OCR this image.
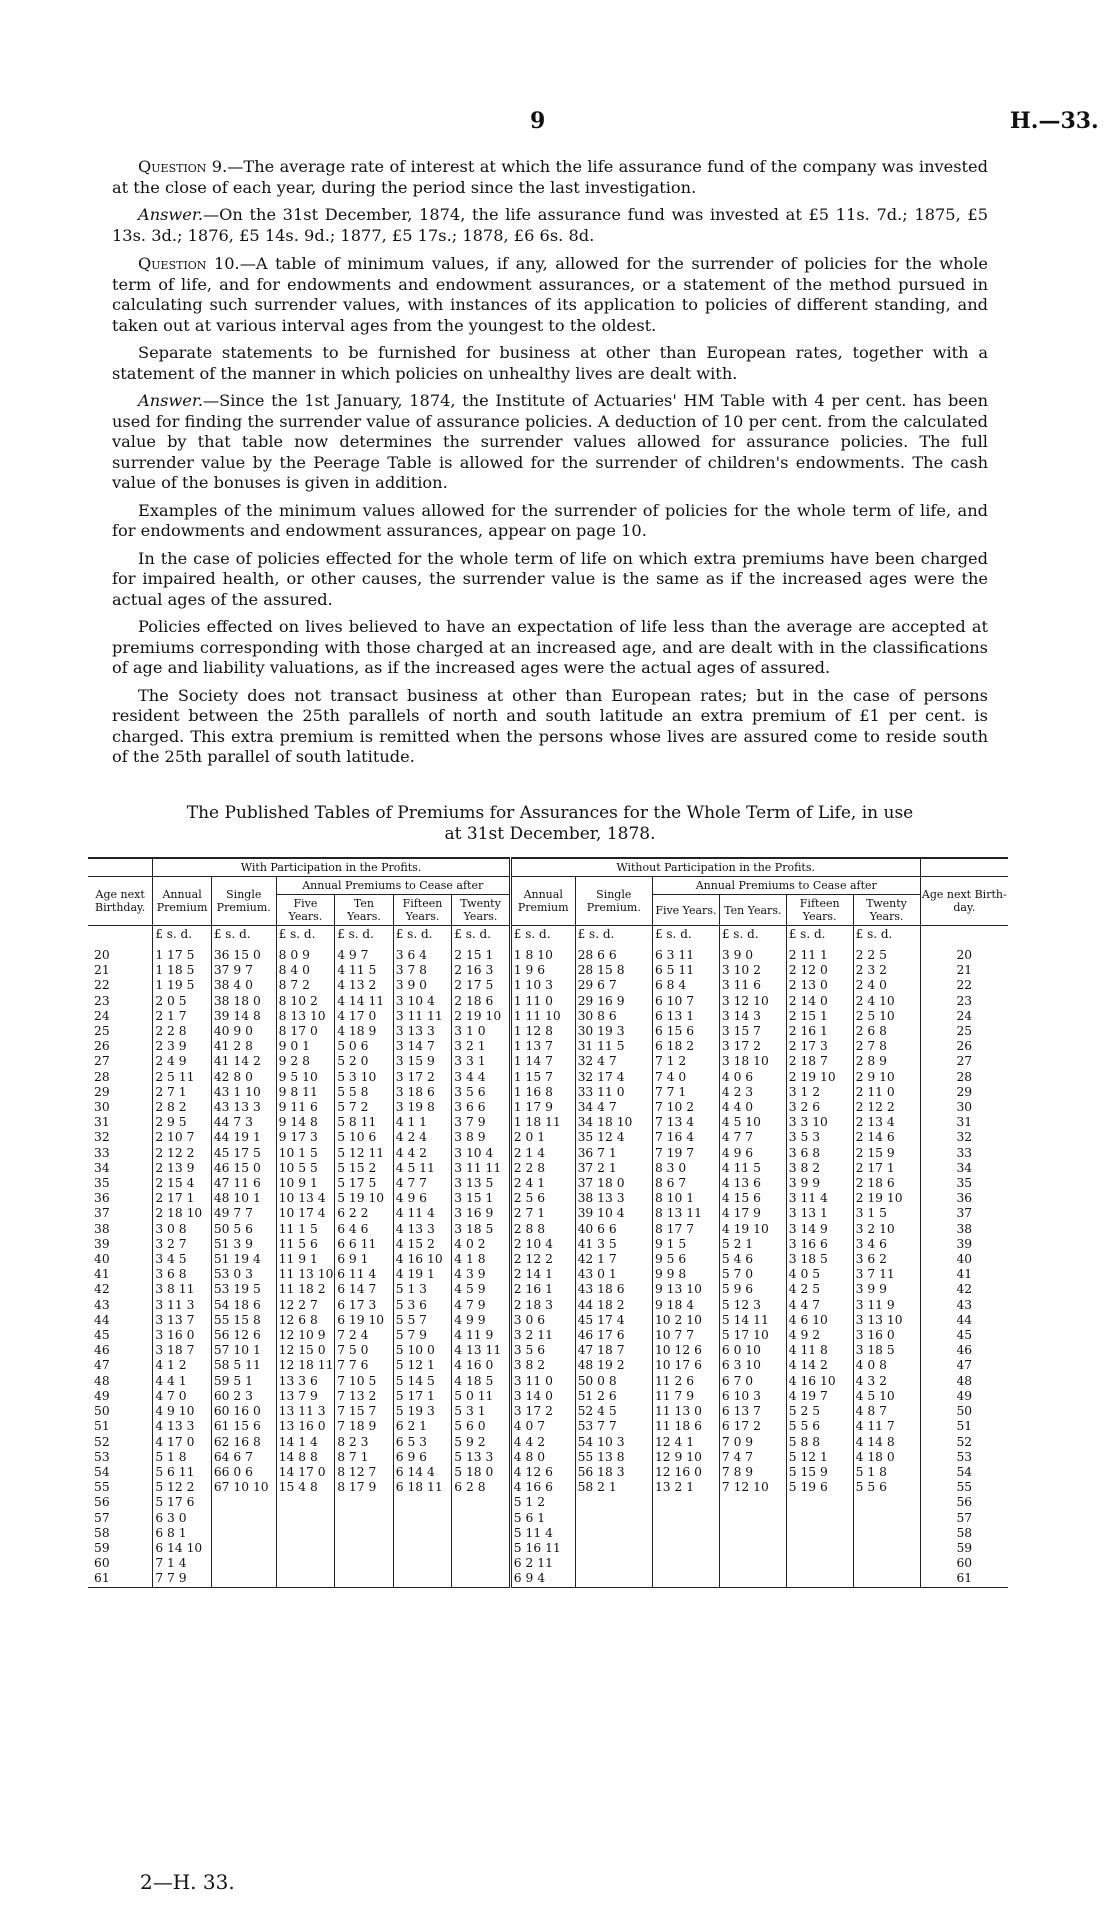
9	H.—33.

Question 9.—The average rate of interest at which the life assurance fund of the company was invested at the close of each year, during the period since the last investigation.

Answer.—On the 31st December, 1874, the life assurance fund was invested at £5 11s. 7d.; 1875, £5 13s. 3d.; 1876, £5 14s. 9d.; 1877, £5 17s.; 1878, £6 6s. 8d.

Question 10.—A table of minimum values, if any, allowed for the surrender of policies for the whole term of life, and for endowments and endowment assurances, or a statement of the method pursued in calculating such surrender values, with instances of its application to policies of different standing, and taken out at various interval ages from the youngest to the oldest.

Separate statements to be furnished for business at other than European rates, together with a statement of the manner in which policies on unhealthy lives are dealt with.

Answer.—Since the 1st January, 1874, the Institute of Actuaries' HM Table with 4 per cent. has been used for finding the surrender value of assurance policies. A deduction of 10 per cent. from the calculated value by that table now determines the surrender values allowed for assurance policies. The full surrender value by the Peerage Table is allowed for the surrender of children's endowments. The cash value of the bonuses is given in addition.

Examples of the minimum values allowed for the surrender of policies for the whole term of life, and for endowments and endowment assurances, appear on page 10.

In the case of policies effected for the whole term of life on which extra premiums have been charged for impaired health, or other causes, the surrender value is the same as if the increased ages were the actual ages of the assured.

Policies effected on lives believed to have an expectation of life less than the average are accepted at premiums corresponding with those charged at an increased age, and are dealt with in the classifications of age and liability valuations, as if the increased ages were the actual ages of assured.

The Society does not transact business at other than European rates; but in the case of persons resident between the 25th parallels of north and south latitude an extra premium of £1 per cent. is charged. This extra premium is remitted when the persons whose lives are assured come to reside south of the 25th parallel of south latitude.

The Published Tables of Premiums for Assurances for the Whole Term of Life, in use
at 31st December, 1878.
	With Participation in the Profits.						Without Participation in the Profits.						
Age next Birthday.	Annual Premium	Single Premium.	Annual Premiums to Cease after				Annual Premium	Single Premium.	Annual Premiums to Cease after				Age next Birth-day.
			Five Years.	Ten Years.	Fifteen Years.	Twenty Years.			Five Years.	Ten Years.	Fifteen Years.	Twenty Years.	
	£ s. d.	£ s. d.	£ s. d.	£ s. d.	£ s. d.	£ s. d.	£ s. d.	£ s. d.	£ s. d.	£ s. d.	£ s. d.	£ s. d.	
20	1 17 5	36 15 0	8 0 9	4 9 7	3 6 4	2 15 1	1 8 10	28 6 6	6 3 11	3 9 0	2 11 1	2 2 5	20
21	1 18 5	37 9 7	8 4 0	4 11 5	3 7 8	2 16 3	1 9 6	28 15 8	6 5 11	3 10 2	2 12 0	2 3 2	21
22	1 19 5	38 4 0	8 7 2	4 13 2	3 9 0	2 17 5	1 10 3	29 6 7	6 8 4	3 11 6	2 13 0	2 4 0	22
23	2 0 5	38 18 0	8 10 2	4 14 11	3 10 4	2 18 6	1 11 0	29 16 9	6 10 7	3 12 10	2 14 0	2 4 10	23
24	2 1 7	39 14 8	8 13 10	4 17 0	3 11 11	2 19 10	1 11 10	30 8 6	6 13 1	3 14 3	2 15 1	2 5 10	24
25	2 2 8	40 9 0	8 17 0	4 18 9	3 13 3	3 1 0	1 12 8	30 19 3	6 15 6	3 15 7	2 16 1	2 6 8	25
26	2 3 9	41 2 8	9 0 1	5 0 6	3 14 7	3 2 1	1 13 7	31 11 5	6 18 2	3 17 2	2 17 3	2 7 8	26
27	2 4 9	41 14 2	9 2 8	5 2 0	3 15 9	3 3 1	1 14 7	32 4 7	7 1 2	3 18 10	2 18 7	2 8 9	27
28	2 5 11	42 8 0	9 5 10	5 3 10	3 17 2	3 4 4	1 15 7	32 17 4	7 4 0	4 0 6	2 19 10	2 9 10	28
29	2 7 1	43 1 10	9 8 11	5 5 8	3 18 6	3 5 6	1 16 8	33 11 0	7 7 1	4 2 3	3 1 2	2 11 0	29
30	2 8 2	43 13 3	9 11 6	5 7 2	3 19 8	3 6 6	1 17 9	34 4 7	7 10 2	4 4 0	3 2 6	2 12 2	30
31	2 9 5	44 7 3	9 14 8	5 8 11	4 1 1	3 7 9	1 18 11	34 18 10	7 13 4	4 5 10	3 3 10	2 13 4	31
32	2 10 7	44 19 1	9 17 3	5 10 6	4 2 4	3 8 9	2 0 1	35 12 4	7 16 4	4 7 7	3 5 3	2 14 6	32
33	2 12 2	45 17 5	10 1 5	5 12 11	4 4 2	3 10 4	2 1 4	36 7 1	7 19 7	4 9 6	3 6 8	2 15 9	33
34	2 13 9	46 15 0	10 5 5	5 15 2	4 5 11	3 11 11	2 2 8	37 2 1	8 3 0	4 11 5	3 8 2	2 17 1	34
35	2 15 4	47 11 6	10 9 1	5 17 5	4 7 7	3 13 5	2 4 1	37 18 0	8 6 7	4 13 6	3 9 9	2 18 6	35
36	2 17 1	48 10 1	10 13 4	5 19 10	4 9 6	3 15 1	2 5 6	38 13 3	8 10 1	4 15 6	3 11 4	2 19 10	36
37	2 18 10	49 7 7	10 17 4	6 2 2	4 11 4	3 16 9	2 7 1	39 10 4	8 13 11	4 17 9	3 13 1	3 1 5	37
38	3 0 8	50 5 6	11 1 5	6 4 6	4 13 3	3 18 5	2 8 8	40 6 6	8 17 7	4 19 10	3 14 9	3 2 10	38
39	3 2 7	51 3 9	11 5 6	6 6 11	4 15 2	4 0 2	2 10 4	41 3 5	9 1 5	5 2 1	3 16 6	3 4 6	39
40	3 4 5	51 19 4	11 9 1	6 9 1	4 16 10	4 1 8	2 12 2	42 1 7	9 5 6	5 4 6	3 18 5	3 6 2	40
41	3 6 8	53 0 3	11 13 10	6 11 4	4 19 1	4 3 9	2 14 1	43 0 1	9 9 8	5 7 0	4 0 5	3 7 11	41
42	3 8 11	53 19 5	11 18 2	6 14 7	5 1 3	4 5 9	2 16 1	43 18 6	9 13 10	5 9 6	4 2 5	3 9 9	42
43	3 11 3	54 18 6	12 2 7	6 17 3	5 3 6	4 7 9	2 18 3	44 18 2	9 18 4	5 12 3	4 4 7	3 11 9	43
44	3 13 7	55 15 8	12 6 8	6 19 10	5 5 7	4 9 9	3 0 6	45 17 4	10 2 10	5 14 11	4 6 10	3 13 10	44
45	3 16 0	56 12 6	12 10 9	7 2 4	5 7 9	4 11 9	3 2 11	46 17 6	10 7 7	5 17 10	4 9 2	3 16 0	45
46	3 18 7	57 10 1	12 15 0	7 5 0	5 10 0	4 13 11	3 5 6	47 18 7	10 12 6	6 0 10	4 11 8	3 18 5	46
47	4 1 2	58 5 11	12 18 11	7 7 6	5 12 1	4 16 0	3 8 2	48 19 2	10 17 6	6 3 10	4 14 2	4 0 8	47
48	4 4 1	59 5 1	13 3 6	7 10 5	5 14 5	4 18 5	3 11 0	50 0 8	11 2 6	6 7 0	4 16 10	4 3 2	48
49	4 7 0	60 2 3	13 7 9	7 13 2	5 17 1	5 0 11	3 14 0	51 2 6	11 7 9	6 10 3	4 19 7	4 5 10	49
50	4 9 10	60 16 0	13 11 3	7 15 7	5 19 3	5 3 1	3 17 2	52 4 5	11 13 0	6 13 7	5 2 5	4 8 7	50
51	4 13 3	61 15 6	13 16 0	7 18 9	6 2 1	5 6 0	4 0 7	53 7 7	11 18 6	6 17 2	5 5 6	4 11 7	51
52	4 17 0	62 16 8	14 1 4	8 2 3	6 5 3	5 9 2	4 4 2	54 10 3	12 4 1	7 0 9	5 8 8	4 14 8	52
53	5 1 8	64 6 7	14 8 8	8 7 1	6 9 6	5 13 3	4 8 0	55 13 8	12 9 10	7 4 7	5 12 1	4 18 0	53
54	5 6 11	66 0 6	14 17 0	8 12 7	6 14 4	5 18 0	4 12 6	56 18 3	12 16 0	7 8 9	5 15 9	5 1 8	54
55	5 12 2	67 10 10	15 4 8	8 17 9	6 18 11	6 2 8	4 16 6	58 2 1	13 2 1	7 12 10	5 19 6	5 5 6	55
56	5 17 6						5 1 2						56
57	6 3 0						5 6 1						57
58	6 8 1						5 11 4						58
59	6 14 10						5 16 11						59
60	7 1 4						6 2 11						60
61	7 7 9						6 9 4						61
2—H. 33.
